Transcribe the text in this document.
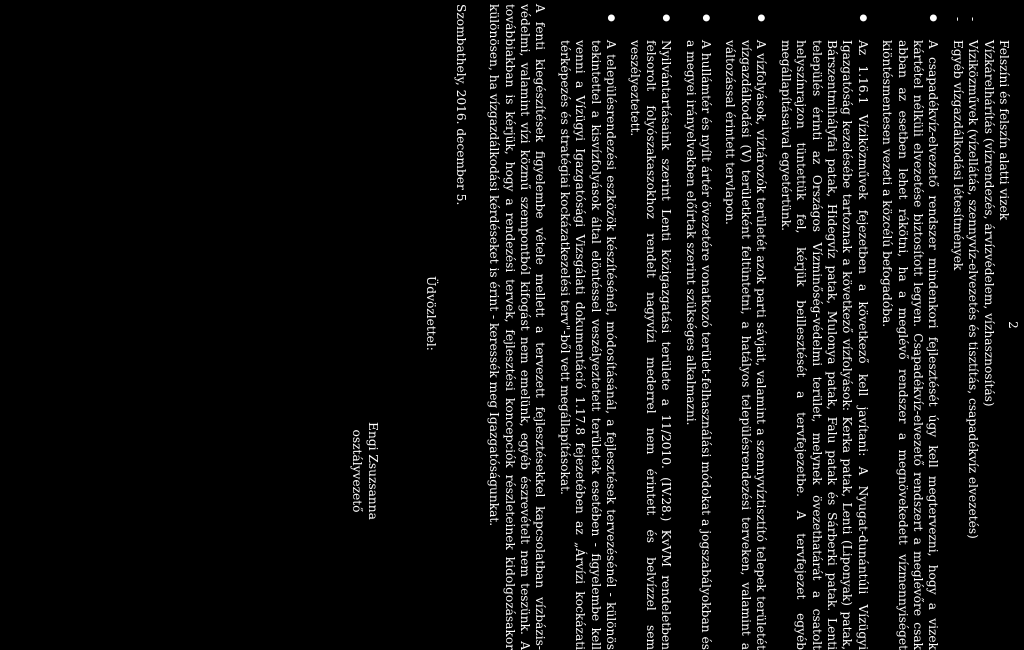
2
Felszíni és felszín alatti vizek
Vízkárelhárítás (vízrendezés, árvízvédelem, vízhasznosítás)
- Víziközművek (vízellátás, szennyvíz-elvezetés és tisztítás, csapadékvíz elvezetés)
- Egyéb vízgazdálkodási létesítmények
● A csapadékvíz-elvezető rendszer mindenkori fejlesztését úgy kell megtervezni, hogy a vizek kártétel nélküli elvezetése biztosított legyen. Csapadékvíz-elvezető rendszert a meglévőre csak abban az esetben lehet rákötni, ha a meglévő rendszer a megnövekedett vízmennyiséget kiöntésmentesen vezeti a közcélú befogadóba.
● Az 1.16.1 Víziközművek fejezetben a következő kell javítani: A Nyugat-dunántúli Vízügyi Igazgatóság kezelésébe tartoznak a következő vízfolyások: Kerka patak, Lenti (Liponyak) patak, Bárszentmihályfai patak, Hidegvíz patak, Mulonya patak, Falu patak és Sárberki patak. Lenti település érinti az Országos Vízminőség-védelmi terület, melynek övezethatárát a csatolt helyszínrajzon tüntettük fel, kérjük beillesztését a tervfejezetbe. A tervfejezet egyéb megállapításaival egyetértünk.
● A vízfolyások, víztározók területét azok parti sávjait, valamint a szennyvíztisztító telepek területét vízgazdálkodási (V) területként feltüntetni, a hatályos településrendezési terveken, valamint a változással érintett tervlapon.
● A hullámtér és nyílt ártér övezetére vonatkozó terület-felhasználási módokat a jogszabályokban és a megyei irányelvekben előírtak szerint szükséges alkalmazni.
● Nyilvántartásaink szerint Lenti közigazgatási területe a 11/2010. (IV.28.) KvVM rendeletben felsorolt folyószakaszokhoz rendelt nagyvízi mederrel nem érintett és belvízzel sem veszélyeztetett.
● A településrendezési eszközök készítésénél, módosításánál, a fejlesztések tervezésénél - különös tekintettel a kisvízfolyások által elöntéssel veszélyeztetett területek esetében - figyelembe kell venni a Vízügyi Igazgatósági Vizsgálati dokumentáció 1.17.8 fejezetében az „Árvízi kockázati térképezés és stratégiai kockázatkezelési terv"-ből vett megállapításokat.

A fenti kiegészítések figyelembe vétele mellett a tervezett fejlesztésekkel kapcsolatban vízbázis-védelmi, valamint vízi közmű szempontból kifogást nem emelünk, egyéb észrevételt nem teszünk. A továbbiakban is kérjük, hogy a rendezési tervek, fejlesztési koncepciók részleteinek kidolgozásakor különösen, ha vízgazdálkodási kérdéseket is érint - keressék meg Igazgatóságunkat.

Szombathely, 2016. december 5.
Üdvözlettel:
Engi Zsuzsanna
osztályvezető
